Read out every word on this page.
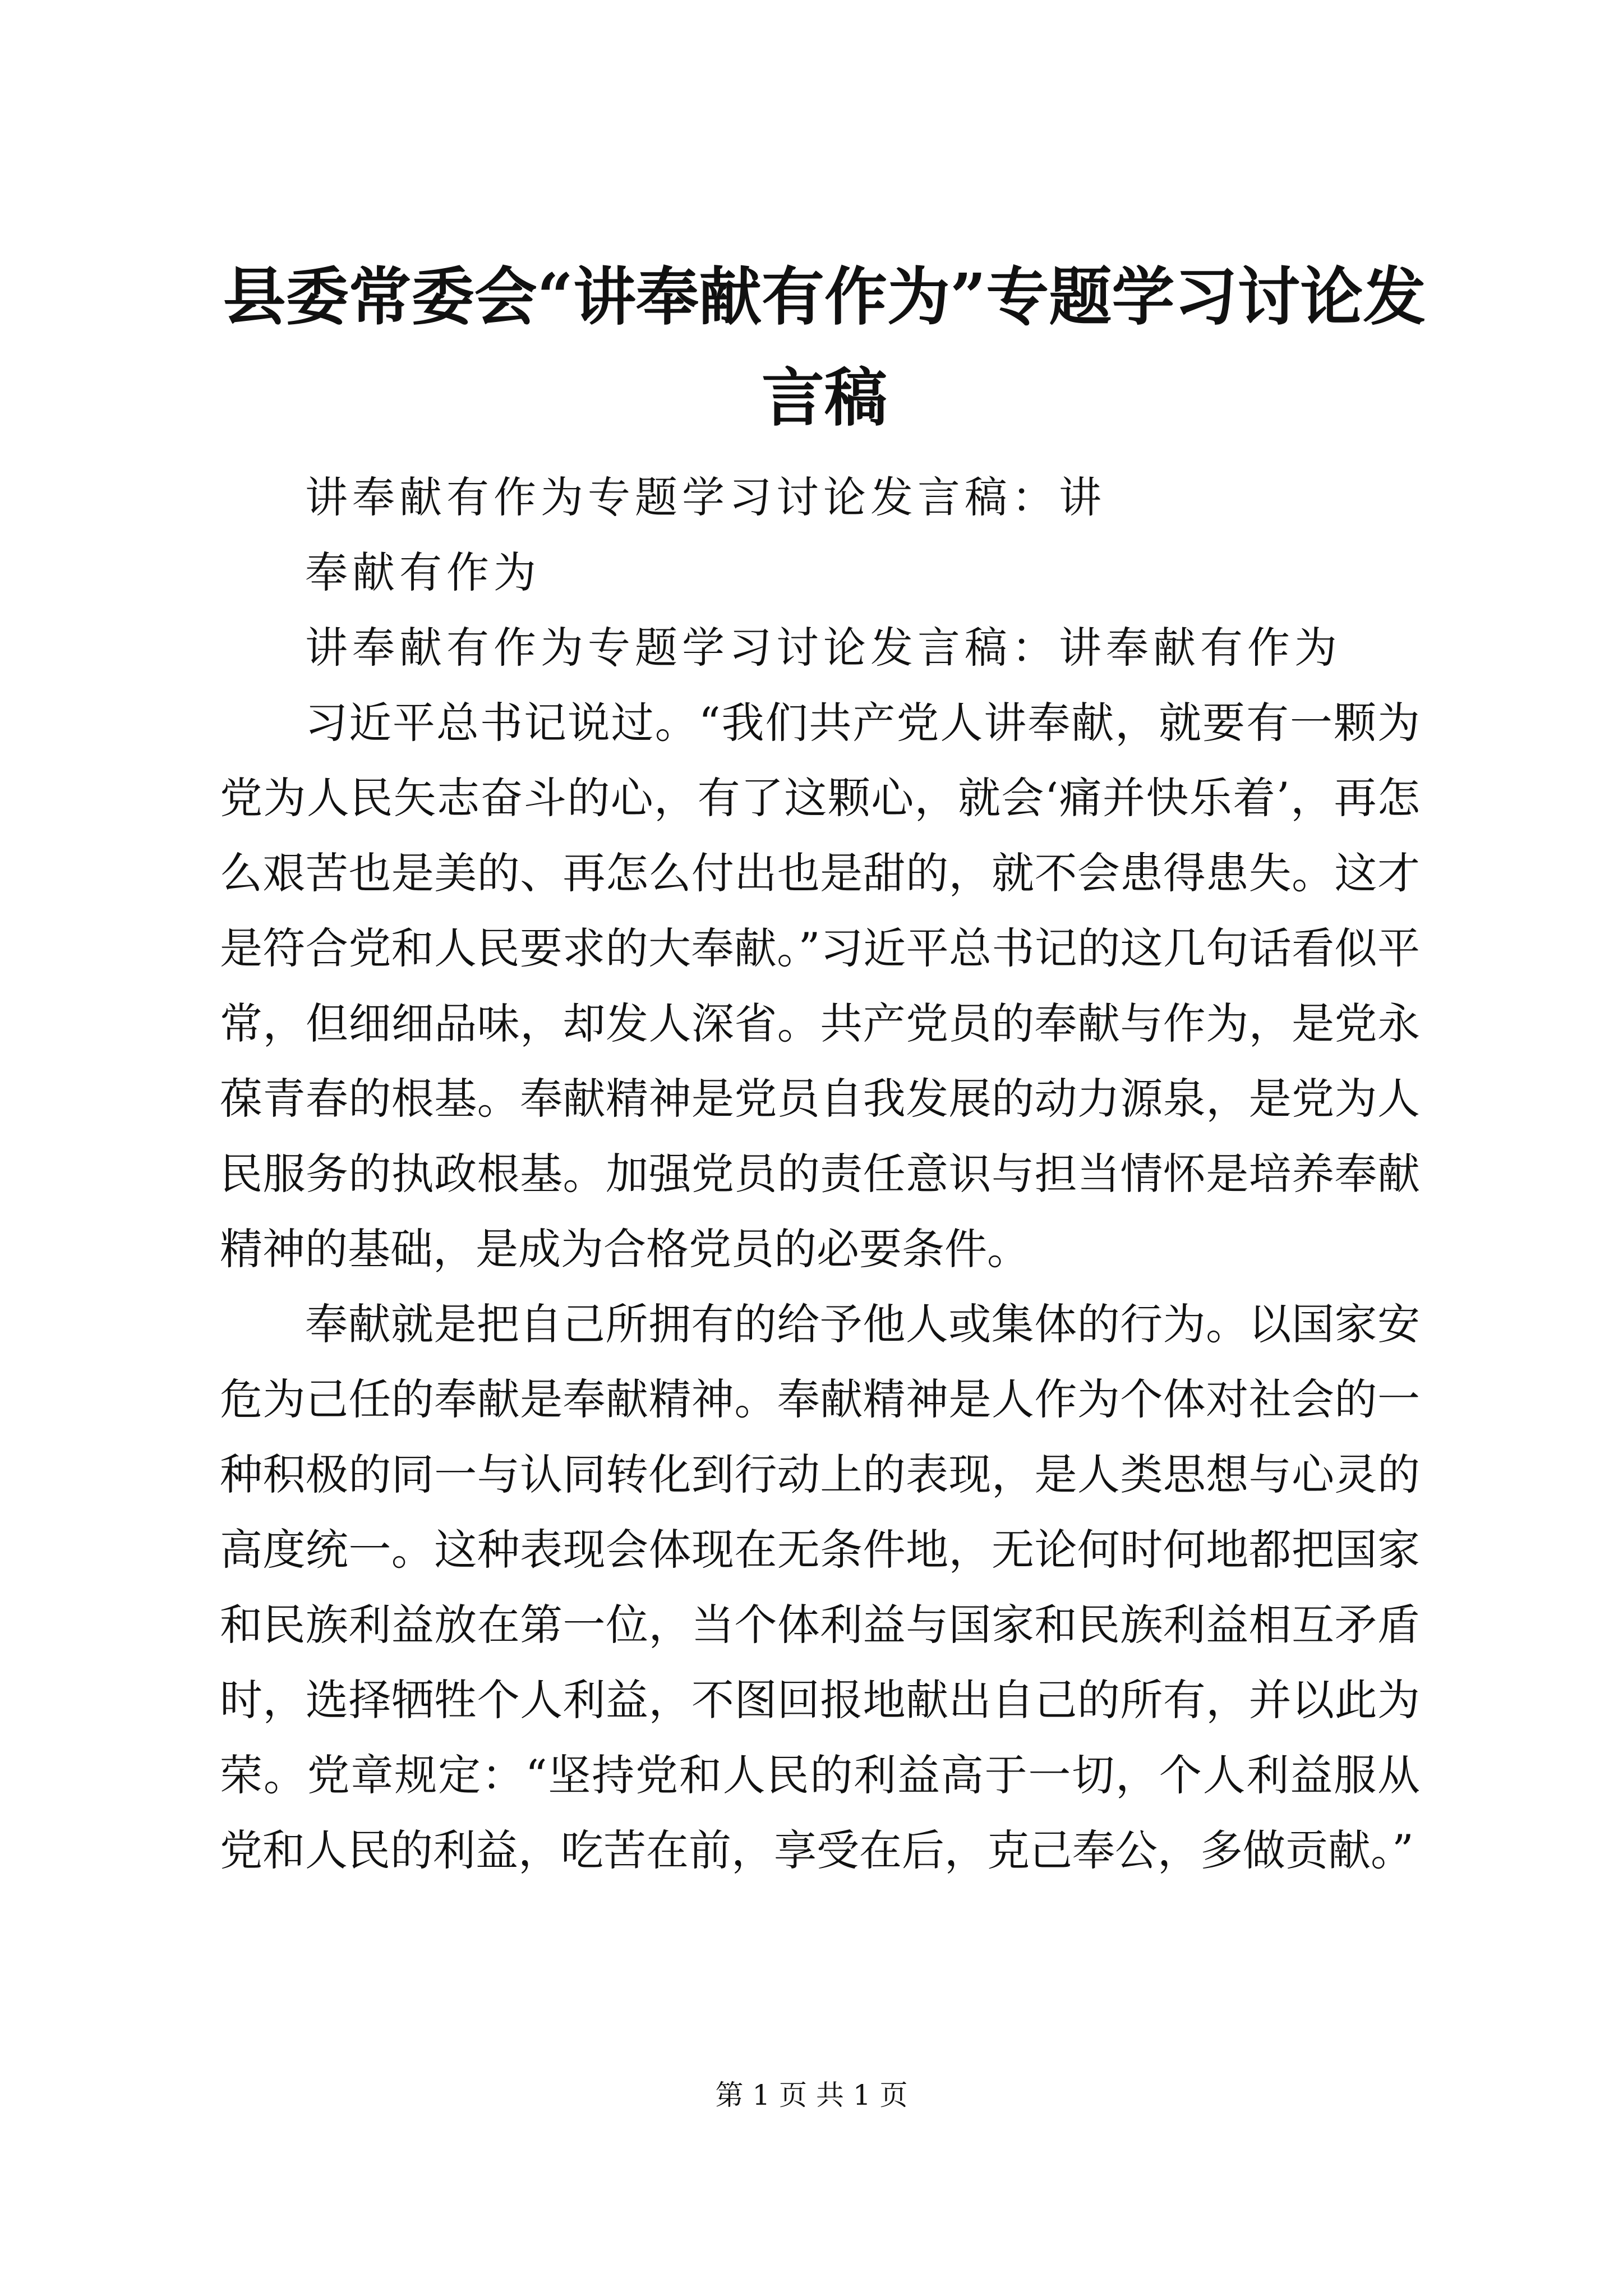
县委常委会“讲奉献有作为”专题学习讨论发言稿

讲奉献有作为专题学习讨论发言稿：讲

奉献有作为

讲奉献有作为专题学习讨论发言稿：讲奉献有作为

习近平总书记说过。“我们共产党人讲奉献，就要有一颗为党为人民矢志奋斗的心，有了这颗心，就会‘痛并快乐着’，再怎么艰苦也是美的、再怎么付出也是甜的，就不会患得患失。这才是符合党和人民要求的大奉献。”习近平总书记的这几句话看似平常，但细细品味，却发人深省。共产党员的奉献与作为，是党永葆青春的根基。奉献精神是党员自我发展的动力源泉，是党为人民服务的执政根基。加强党员的责任意识与担当情怀是培养奉献精神的基础，是成为合格党员的必要条件。

奉献就是把自己所拥有的给予他人或集体的行为。以国家安危为己任的奉献是奉献精神。奉献精神是人作为个体对社会的一种积极的同一与认同转化到行动上的表现，是人类思想与心灵的高度统一。这种表现会体现在无条件地，无论何时何地都把国家和民族利益放在第一位，当个体利益与国家和民族利益相互矛盾时，选择牺牲个人利益，不图回报地献出自己的所有，并以此为荣。党章规定：“坚持党和人民的利益高于一切，个人利益服从党和人民的利益，吃苦在前，享受在后，克己奉公，多做贡献。”

第 1 页 共 1 页
